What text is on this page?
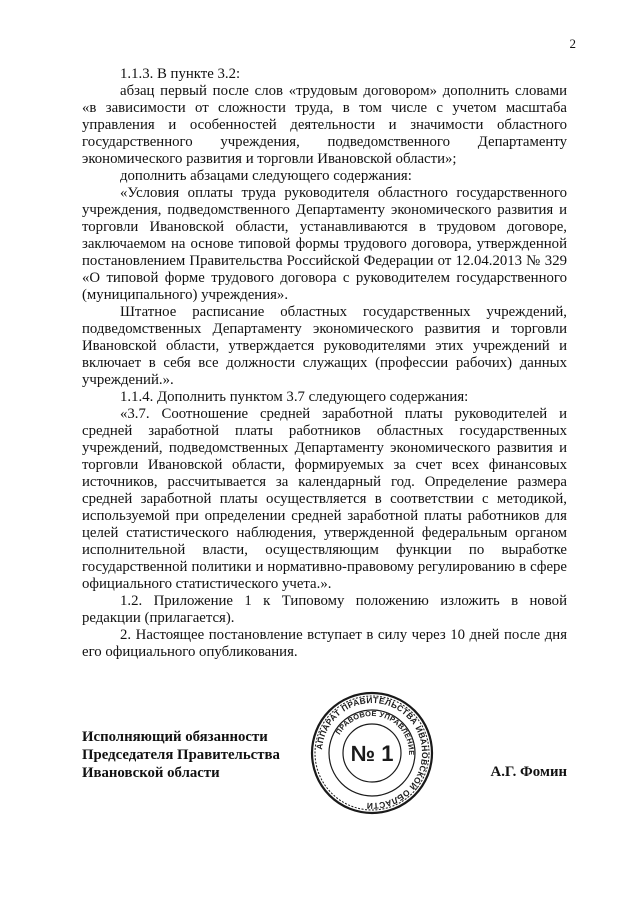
2

1.1.3. В пункте 3.2:

абзац первый после слов «трудовым договором» дополнить словами «в зависимости от сложности труда, в том числе с учетом масштаба управления и особенностей деятельности и значимости областного государственного учреждения, подведомственного Департаменту экономического развития и торговли Ивановской области»;

дополнить абзацами следующего содержания:

«Условия оплаты труда руководителя областного государственного учреждения, подведомственного Департаменту экономического развития и торговли Ивановской области, устанавливаются в трудовом договоре, заключаемом на основе типовой формы трудового договора, утвержденной постановлением Правительства Российской Федерации от 12.04.2013 № 329 «О типовой форме трудового договора с руководителем государственного (муниципального) учреждения».

Штатное расписание областных государственных учреждений, подведомственных Департаменту экономического развития и торговли Ивановской области, утверждается руководителями этих учреждений и включает в себя все должности служащих (профессии рабочих) данных учреждений.».

1.1.4. Дополнить пунктом 3.7 следующего содержания:

«3.7. Соотношение средней заработной платы руководителей и средней заработной платы работников областных государственных учреждений, подведомственных Департаменту экономического развития и торговли Ивановской области, формируемых за счет всех финансовых источников, рассчитывается за календарный год. Определение размера средней заработной платы осуществляется в соответствии с методикой, используемой при определении средней заработной платы работников для целей статистического наблюдения, утвержденной федеральным органом исполнительной власти, осуществляющим функции по выработке государственной политики и нормативно-правовому регулированию в сфере официального статистического учета.».

1.2. Приложение 1 к Типовому положению изложить в новой редакции (прилагается).

2. Настоящее постановление вступает в силу через 10 дней после дня его официального опубликования.

Исполняющий обязанности
Председателя Правительства
Ивановской области
АППАРАТ ПРАВИТЕЛЬСТВА ИВАНОВСКОЙ ОБЛАСТИ
ПРАВОВОЕ УПРАВЛЕНИЕ
№ 1
А.Г. Фомин
